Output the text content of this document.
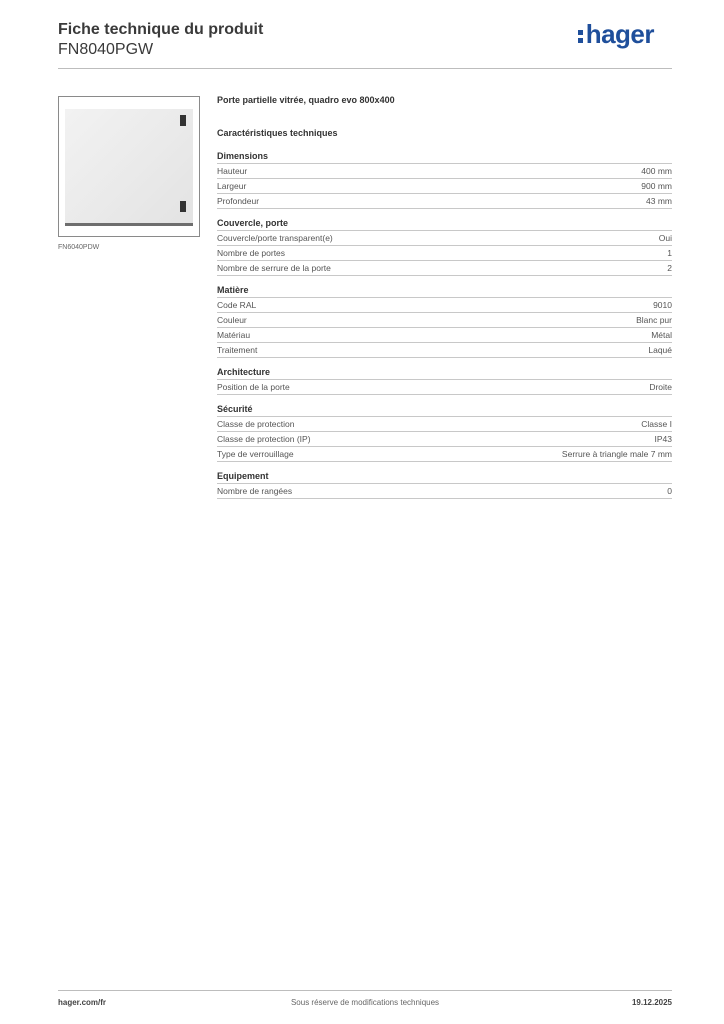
Fiche technique du produit
FN8040PGW
hager
FN6040PDW
Porte partielle vitrée, quadro evo 800x400
Caractéristiques techniques
Dimensions
Hauteur	400 mm
Largeur	900 mm
Profondeur	43 mm
Couvercle, porte
Couvercle/porte transparent(e)	Oui
Nombre de portes	1
Nombre de serrure de la porte	2
Matière
Code RAL	9010
Couleur	Blanc pur
Matériau	Métal
Traitement	Laqué
Architecture
Position de la porte	Droite
Sécurité
Classe de protection	Classe I
Classe de protection (IP)	IP43
Type de verrouillage	Serrure à triangle male 7 mm
Equipement
Nombre de rangées	0
hager.com/fr	Sous réserve de modifications techniques	19.12.2025
